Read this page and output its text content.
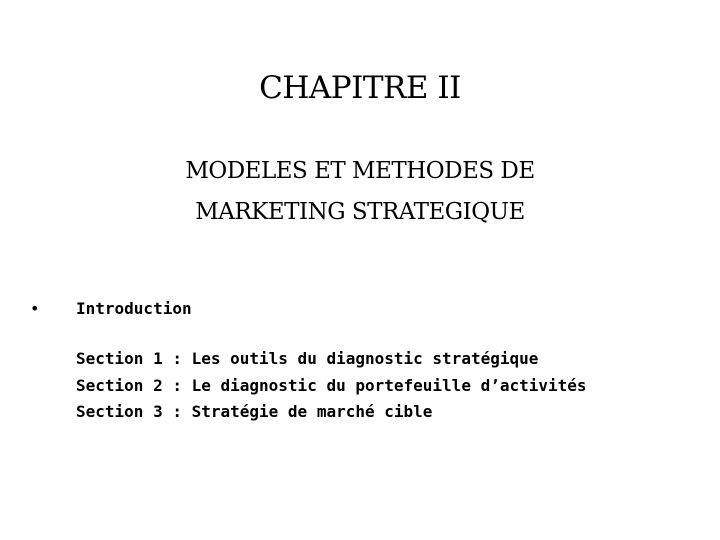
CHAPITRE II
MODELES ET METHODES DE
MARKETING STRATEGIQUE
• Introduction
Section 1 : Les outils du diagnostic stratégique
Section 2 : Le diagnostic du portefeuille d’activités
Section 3 : Stratégie de marché cible
